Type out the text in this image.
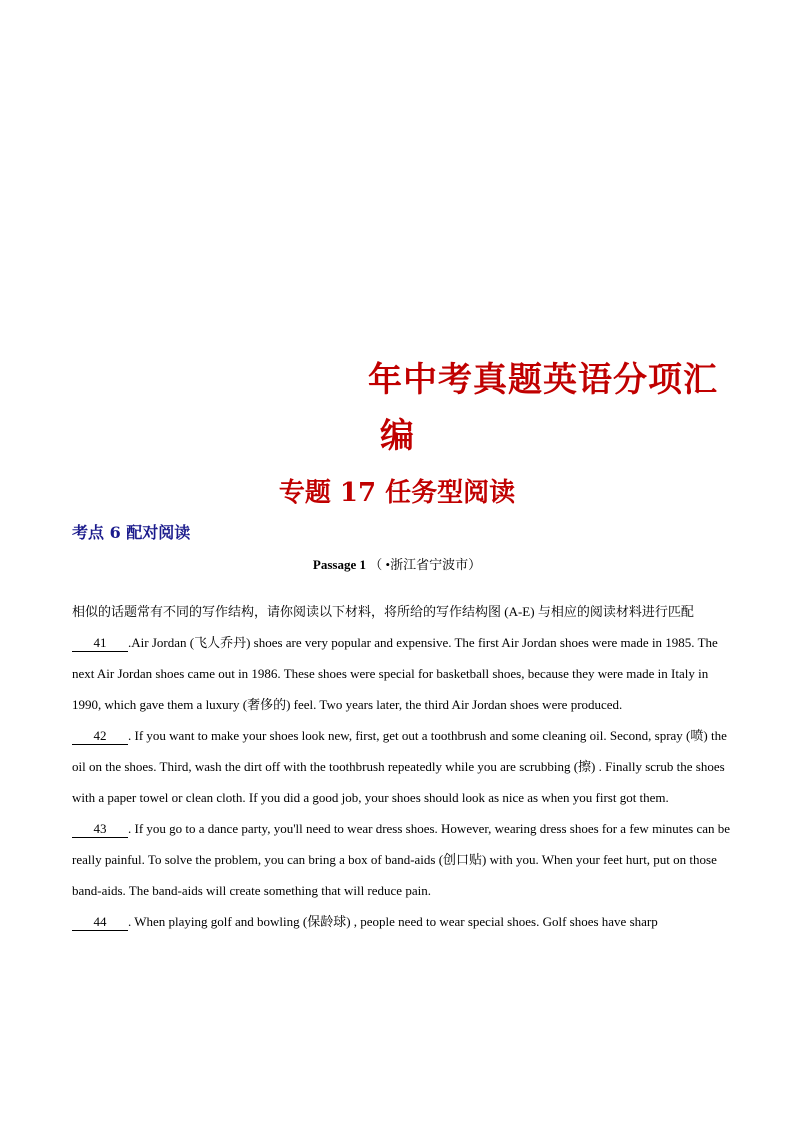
年中考真题英语分项汇
编
专题 17 任务型阅读
考点 6 配对阅读
Passage 1 （ •浙江省宁波市）

相似的话题常有不同的写作结构，请你阅读以下材料，将所给的写作结构图 (A-E) 与相应的阅读材料进行匹配

41 .Air Jordan (飞人乔丹) shoes are very popular and expensive. The first Air Jordan shoes were made in 1985. The next Air Jordan shoes came out in 1986. These shoes were special for basketball shoes, because they were made in Italy in 1990, which gave them a luxury (奢侈的) feel. Two years later, the third Air Jordan shoes were produced.

42 . If you want to make your shoes look new, first, get out a toothbrush and some cleaning oil. Second, spray (喷) the oil on the shoes. Third, wash the dirt off with the toothbrush repeatedly while you are scrubbing (擦) . Finally scrub the shoes with a paper towel or clean cloth. If you did a good job, your shoes should look as nice as when you first got them.

43 . If you go to a dance party, you'll need to wear dress shoes. However, wearing dress shoes for a few minutes can be really painful. To solve the problem, you can bring a box of band-aids (创口贴) with you. When your feet hurt, put on those band-aids. The band-aids will create something that will reduce pain.

44 . When playing golf and bowling (保龄球) , people need to wear special shoes. Golf shoes have sharp
